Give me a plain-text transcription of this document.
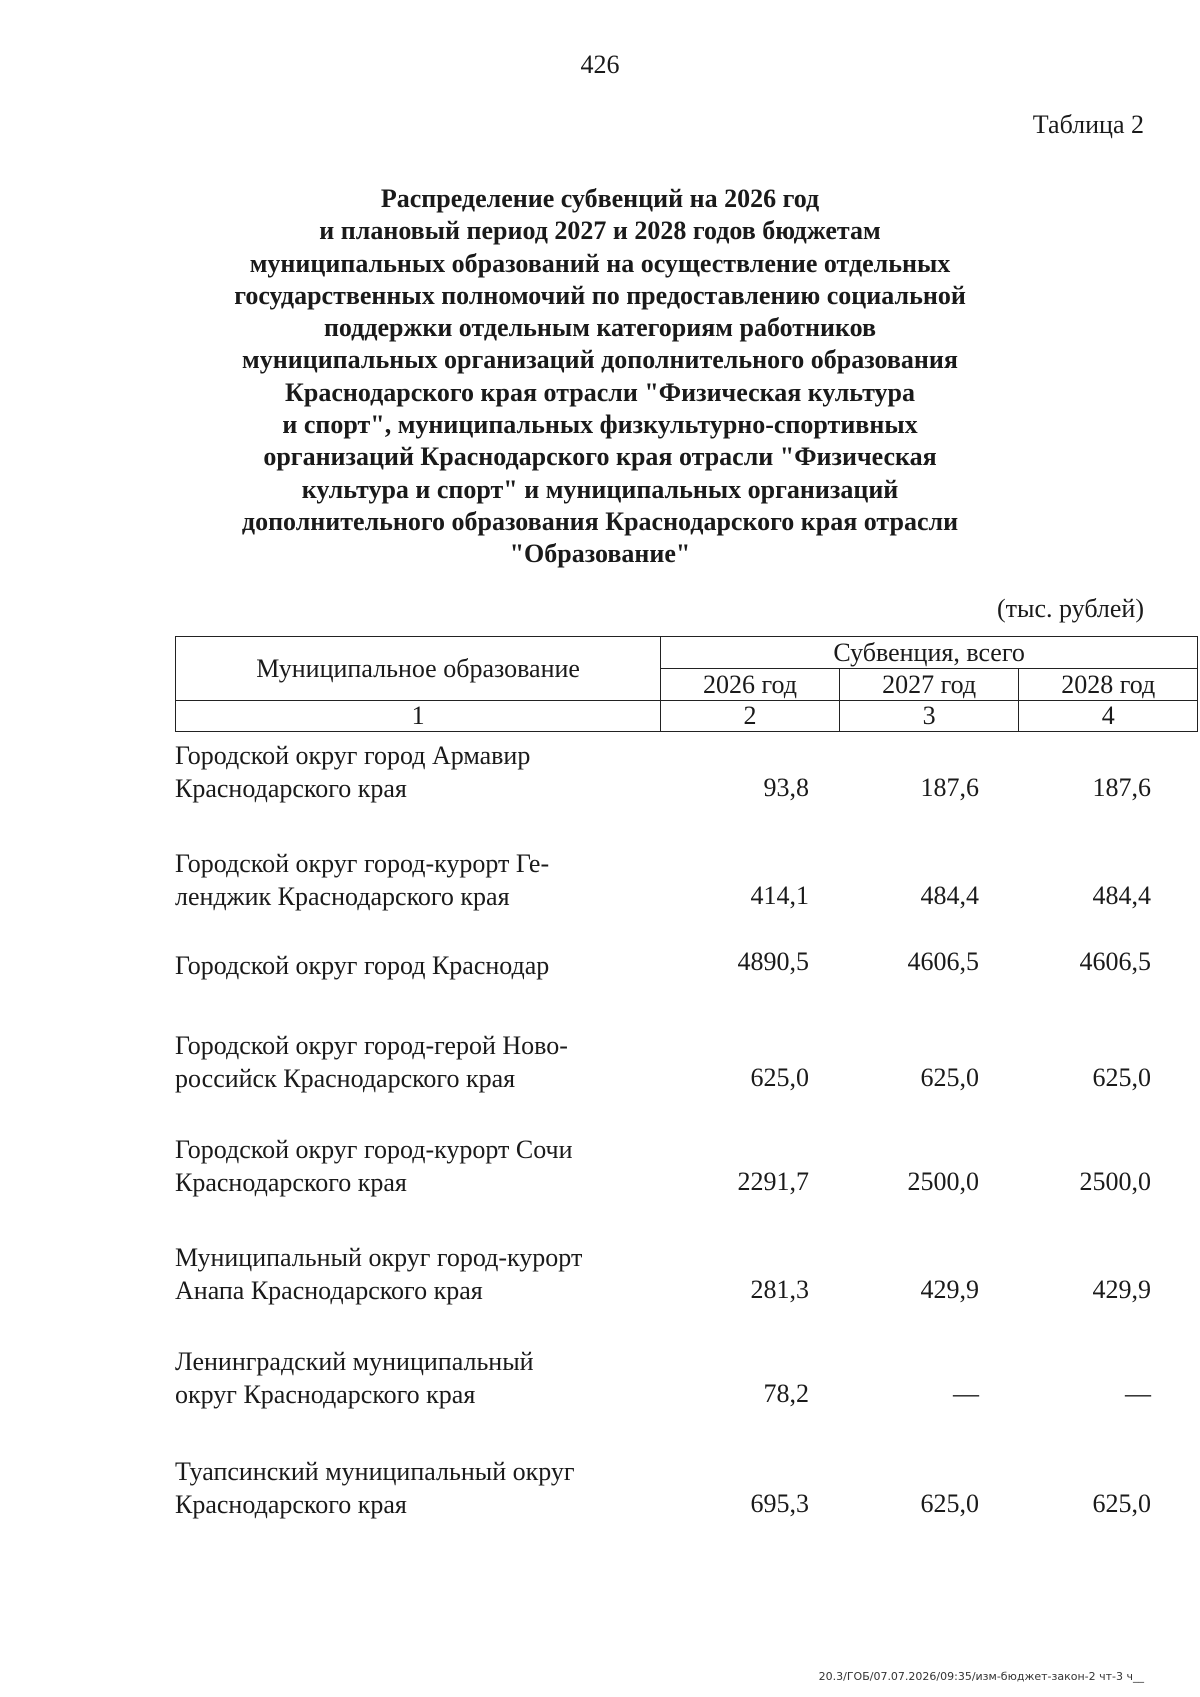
426
Таблица 2
Распределение субвенций на 2026 год
и плановый период 2027 и 2028 годов бюджетам
муниципальных образований на осуществление отдельных
государственных полномочий по предоставлению социальной
поддержки отдельным категориям работников
муниципальных организаций дополнительного образования
Краснодарского края отрасли "Физическая культура
и спорт", муниципальных физкультурно-спортивных
организаций Краснодарского края отрасли "Физическая
культура и спорт" и муниципальных организаций
дополнительного образования Краснодарского края отрасли
"Образование"
(тыс. рублей)
Муниципальное образование	Субвенция, всего		
	2026 год	2027 год	2028 год
1	2	3	4
Городской округ город Армавир
Краснодарского края	93,8	187,6	187,6
Городской округ город-курорт Ге-
ленджик Краснодарского края	414,1	484,4	484,4
Городской округ город Краснодар	4890,5	4606,5	4606,5
Городской округ город-герой Ново-
российск Краснодарского края	625,0	625,0	625,0
Городской округ город-курорт Сочи
Краснодарского края	2291,7	2500,0	2500,0
Муниципальный округ город-курорт
Анапа Краснодарского края	281,3	429,9	429,9
Ленинградский муниципальный
округ Краснодарского края	78,2	—	—
Туапсинский муниципальный округ
Краснодарского края	695,3	625,0	625,0
20.3/ГОБ/07.07.2026/09:35/изм-бюджет-закон-2 чт-3 ч__
